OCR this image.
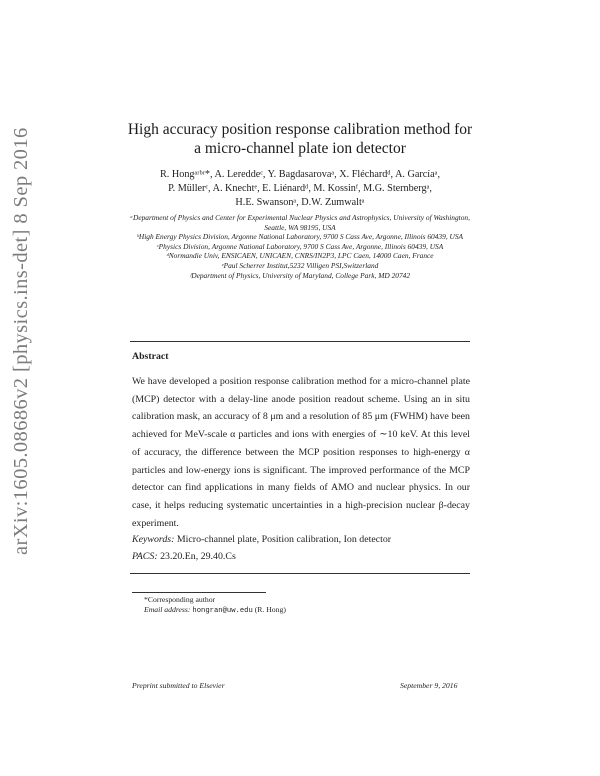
arXiv:1605.08686v2 [physics.ins-det] 8 Sep 2016	High accuracy position response calibration method for
a micro-channel plate ion detector
R. Hongᵃʳᵇʳ*, A. Lereddeᶜ, Y. Bagdasarovaᵃ, X. Fléchardᵈ, A. Garcíaᵃ,
P. Müllerᶜ, A. Knechtᵉ, E. Liénardᵈ, M. Kossinᶠ, M.G. Sternbergᵃ,
H.E. Swansonᵃ, D.W. Zumwaltᵃ

ᵃDepartment of Physics and Center for Experimental Nuclear Physics and Astrophysics, University of Washington, Seattle, WA 98195, USA

ᵇHigh Energy Physics Division, Argonne National Laboratory, 9700 S Cass Ave, Argonne, Illinois 60439, USA

ᶜPhysics Division, Argonne National Laboratory, 9700 S Cass Ave, Argonne, Illinois 60439, USA

ᵈNormandie Univ, ENSICAEN, UNICAEN, CNRS/IN2P3, LPC Caen, 14000 Caen, France

ᵉPaul Scherrer Institut,5232 Villigen PSI,Switzerland

ᶠDepartment of Physics, University of Maryland, College Park, MD 20742

Abstract
We have developed a position response calibration method for a micro-channel plate (MCP) detector with a delay-line anode position readout scheme. Using an in situ calibration mask, an accuracy of 8 μm and a resolution of 85 μm (FWHM) have been achieved for MeV-scale α particles and ions with energies of ∼10 keV. At this level of accuracy, the difference between the MCP position responses to high-energy α particles and low-energy ions is significant. The improved performance of the MCP detector can find applications in many fields of AMO and nuclear physics. In our case, it helps reducing systematic uncertainties in a high-precision nuclear β-decay experiment.
Keywords: Micro-channel plate, Position calibration, Ion detector
PACS: 23.20.En, 29.40.Cs
*Corresponding author
Email address: hongran@uw.edu (R. Hong)
Preprint submitted to Elsevier	September 9, 2016
